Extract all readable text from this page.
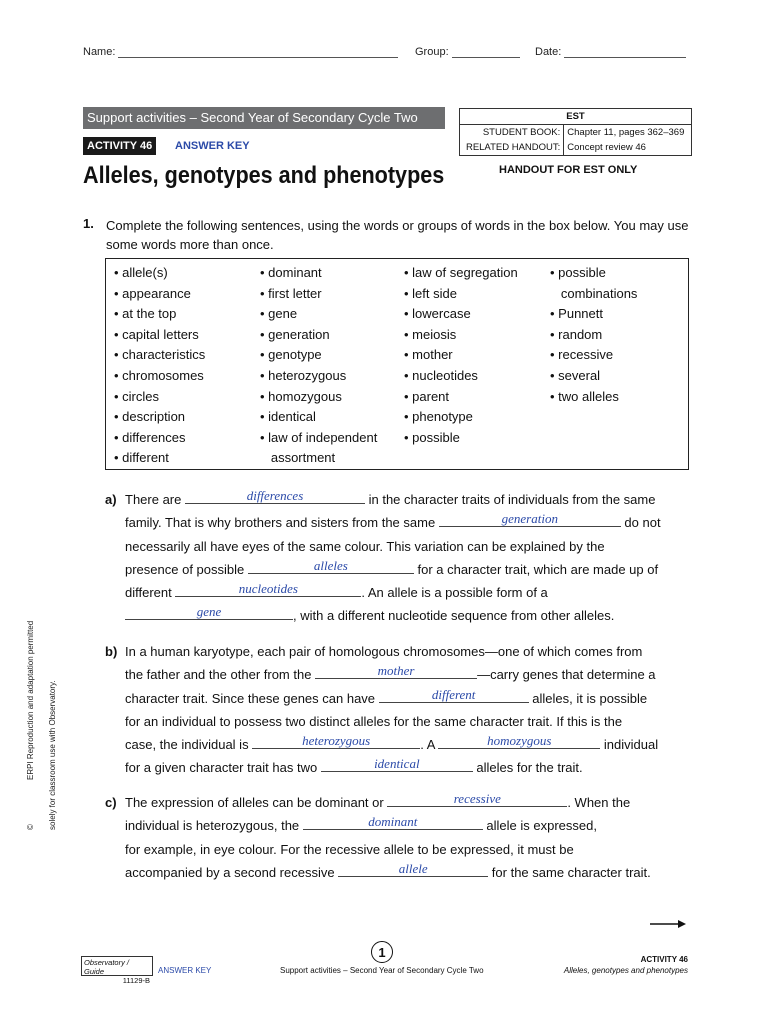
Name:	Group:	Date:
Support activities – Second Year of Secondary Cycle Two
ACTIVITY 46	ANSWER KEY
EST	
STUDENT BOOK:	Chapter 11, pages 362–369
RELATED HANDOUT:	Concept review 46
Alleles, genotypes and phenotypes	HANDOUT FOR EST ONLY
1. Complete the following sentences, using the words or groups of words in the box below. You may use some words more than once.
• allele(s)
• appearance
• at the top
• capital letters
• characteristics
• chromosomes
• circles
• description
• differences
• different
• dominant
• first letter
• gene
• generation
• genotype
• heterozygous
• homozygous
• identical
• law of independent
assortment
• law of segregation
• left side
• lowercase
• meiosis
• mother
• nucleotides
• parent
• phenotype
• possible
• possible
combinations
• Punnett
• random
• recessive
• several
• two alleles
a) There are	differences	in the character traits of individuals from the same
family. That is why brothers and sisters from the same	generation	do not
necessarily all have eyes of the same colour. This variation can be explained by the
presence of possible	alleles	for a character trait, which are made up of
different	nucleotides	. An allele is a possible form of a

gene	, with a different nucleotide sequence from other alleles.
b) In a human karyotype, each pair of homologous chromosomes—one of which comes from
the father and the other from the	mother	—carry genes that determine a
character trait. Since these genes can have	different	alleles, it is possible
for an individual to possess two distinct alleles for the same character trait. If this is the
case, the individual is	heterozygous	. A	homozygous	individual
for a given character trait has two	identical	alleles for the trait.
c) The expression of alleles can be dominant or	recessive	. When the
individual is heterozygous, the	dominant	allele is expressed,
for example, in eye colour. For the recessive allele to be expressed, it must be
accompanied by a second recessive	allele	for the same character trait.
©
ERPI Reproduction and adaptation permitted solely for classroom use with Observatory.
Observatory / Guide
11129-B
ANSWER KEY
1
Support activities – Second Year of Secondary Cycle Two
ACTIVITY 46
Alleles, genotypes and phenotypes
